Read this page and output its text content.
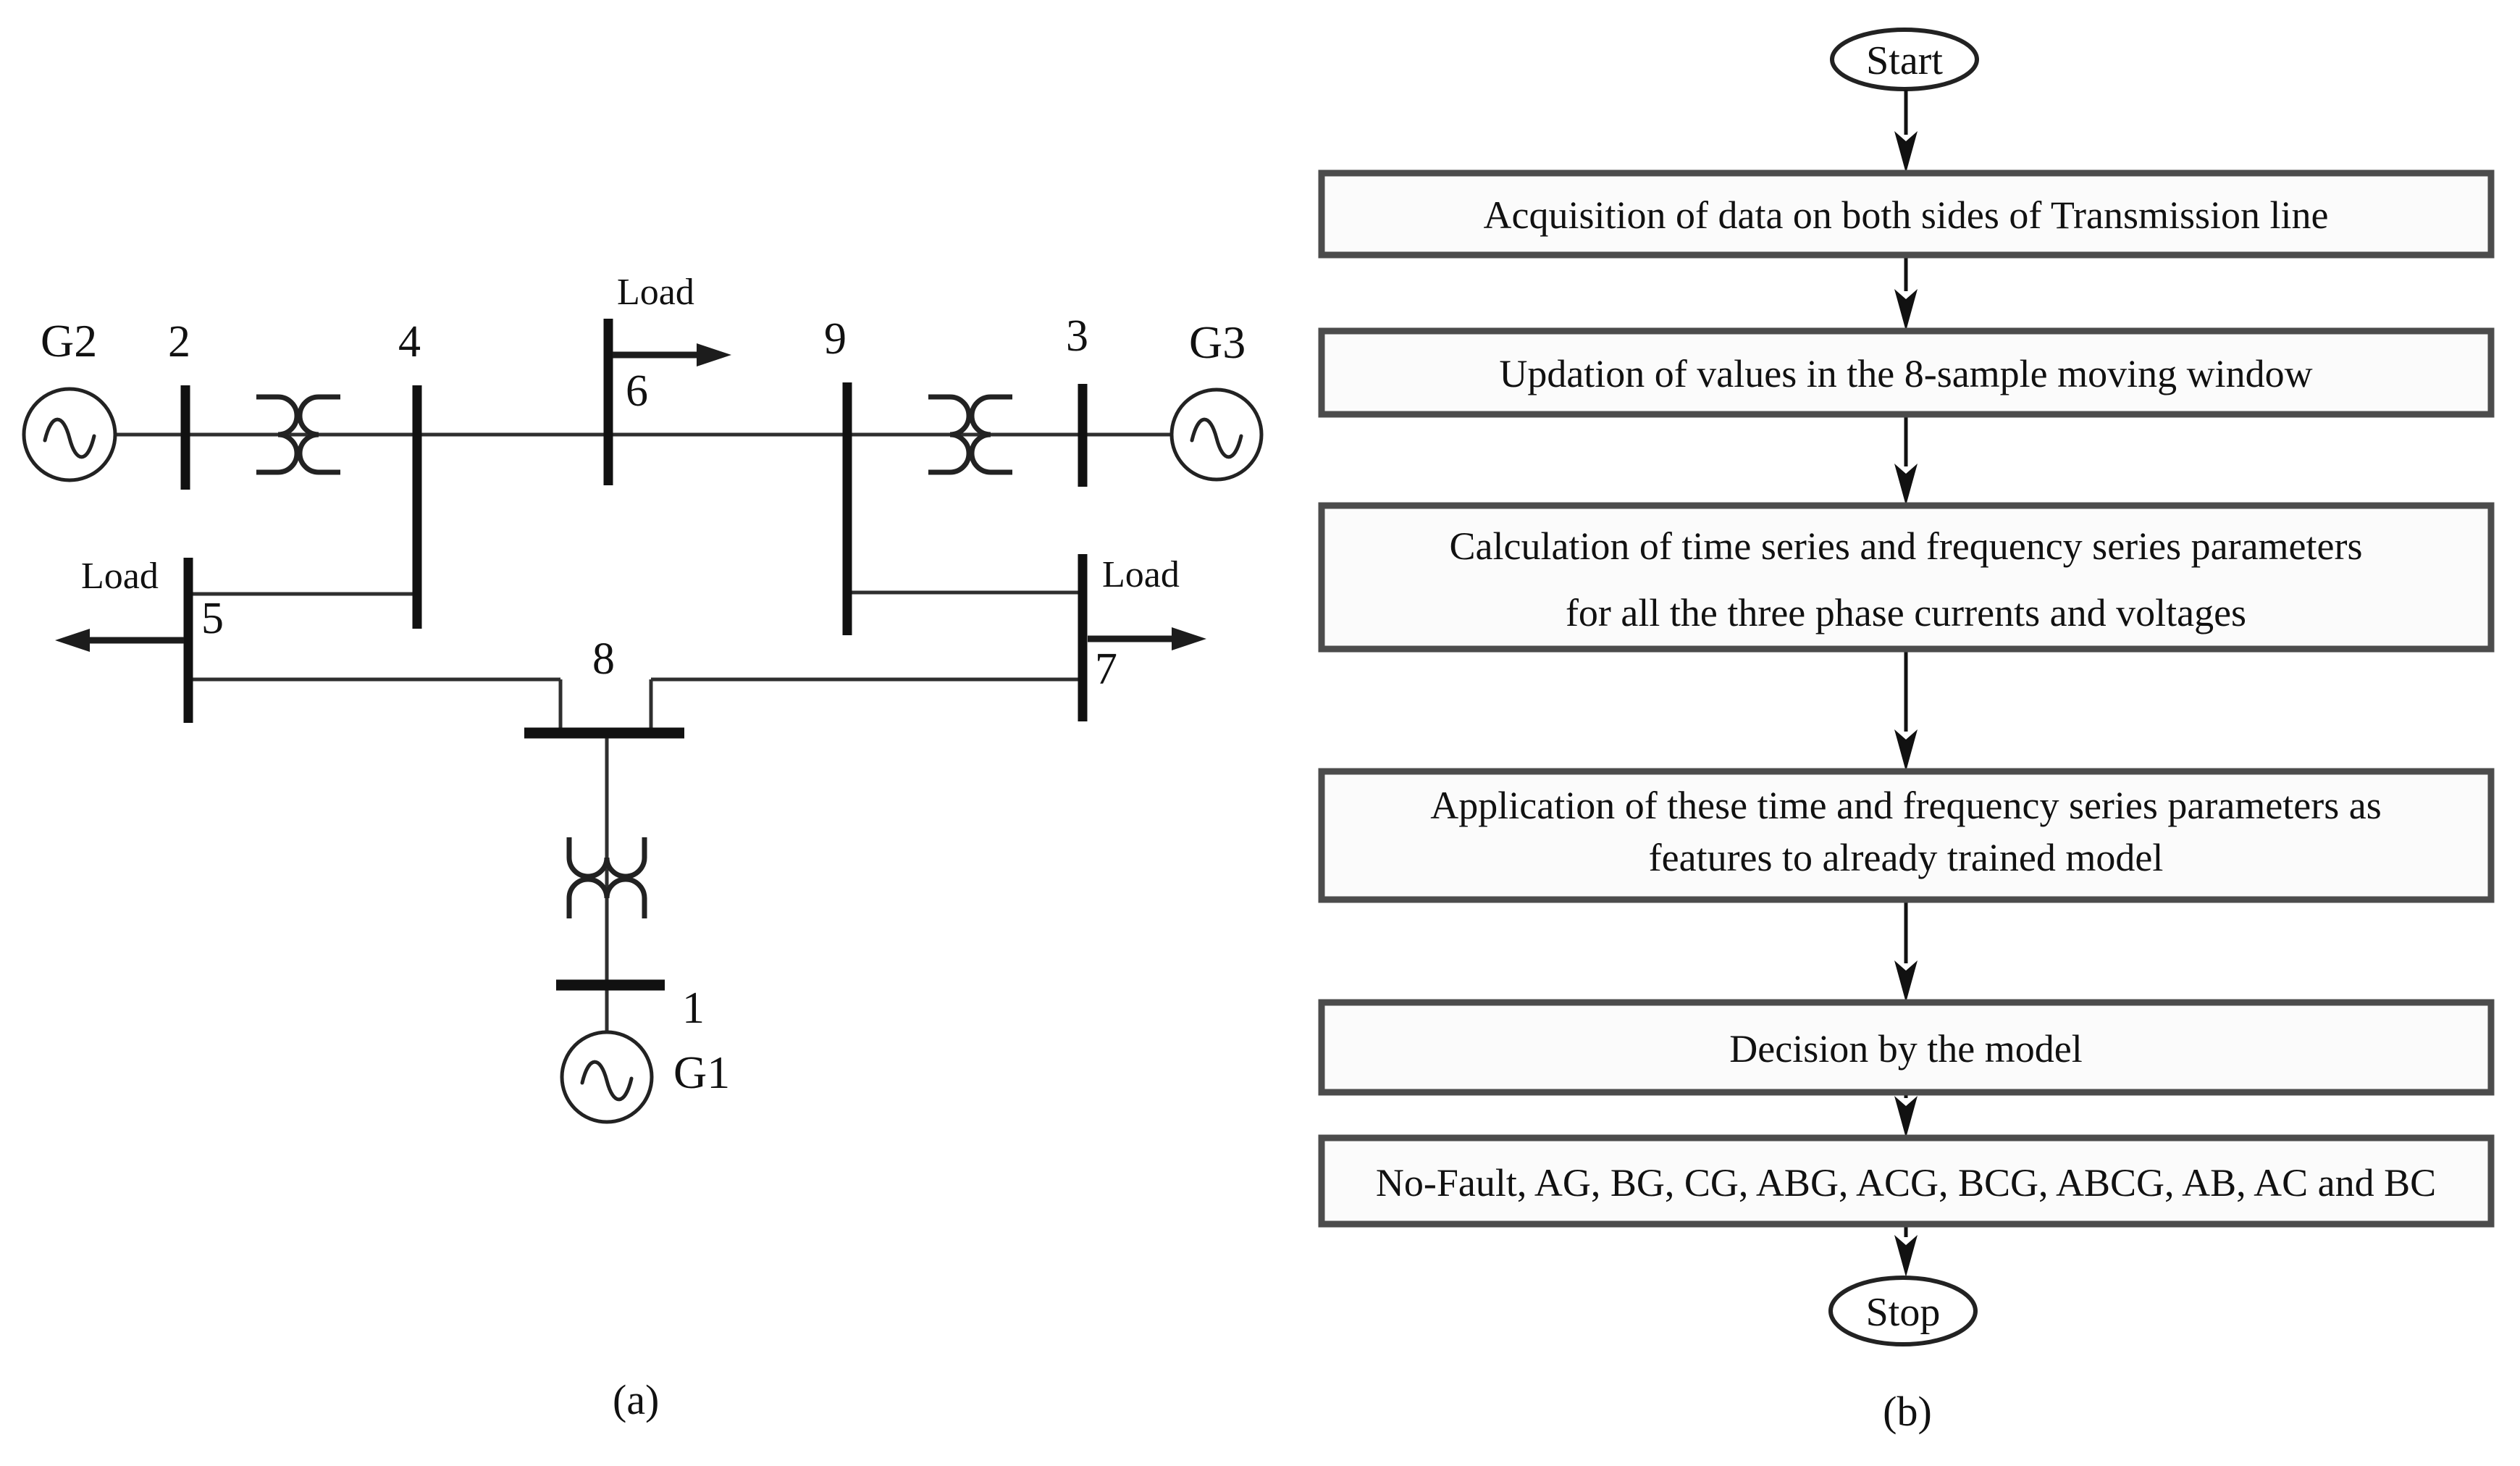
G2	G3
G1
Load
Load	Load
2	4
6
9	3
5
7
8
1
(a)
Start
Acquisition of data on both sides of Transmission line
Updation of values in the 8-sample moving window
Calculation of time series and frequency series parameters
for all the three phase currents and voltages
Application of these time and frequency series parameters as
features to already trained model
Decision by the model
No-Fault, AG, BG, CG, ABG, ACG, BCG, ABCG, AB, AC and BC
Stop
(b)
